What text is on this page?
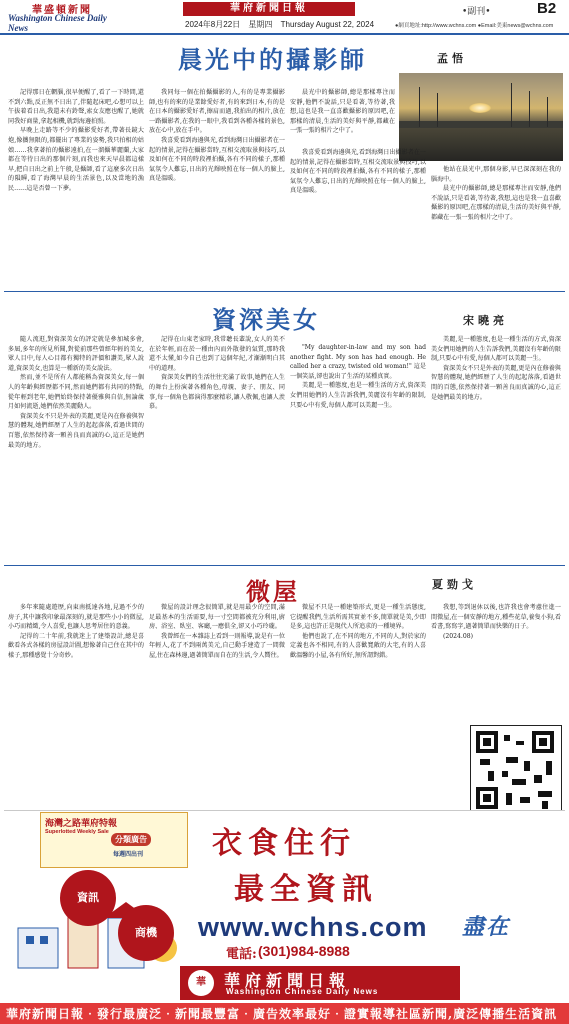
華盛頓新聞
Washington Chinese Daily News
華府新聞日報
2024年8月22日 星期四 Thursday August 22, 2024
•副刊•	B2
●網頁地址:http://www.wchns.com ●Email:美東news@wchns.com
晨光中的攝影師	孟悟

記得那日在輞腦,很早便醒了,看了一下時間,還不到六點,反正無不日出了,伴隨起床吧,心想可以上午拔着看日出,我還未有鈴聲,索女友應也醒了,她就同我好商量,拿起相機,就到海邊拍照。

早晚上走路等不少的攝影愛好者,帶著長鏡大炮,像攜無限的,都擺出了專業的姿勢,我只拍相的姑娘……我拿著拍的攝影遠拍,在一溜攝華麗蘭,大家都在等待日出的那個片刻,而我也來天早晨都這樣早,把自日出之前上午般,是攝師,看了這麼多次日出的隕瞬,看了海灣早晨的生活景色,以及當地的漁民……這是否曾一下夢。

我同每一個在拍攝攝影的人,有的是專業攝影師,也有的來的是業餘愛好者,有的來到日本,有的是在日本的攝影愛好者,擦肩而過,我拍出的相片,放在一路攝影者,在我的一眼中,我看到各種各樣的景色,放在心中,放在手中。

我喜愛看到海邊與光,看到海灣日出攝影者在一起的情景,記得在攝影當時,互相交流取景與技巧,以及如何在不同的時段裡拍攝,各有不同的樣子,那種氣氛令人難忘,日出的光輝映照在每一個人的臉上,真是溫暖。

晨光中的攝影師,總是那樣專注而安靜,他們不說話,只是看著,等待著,我想,這也是我一直喜歡攝影的原因吧,在那樣的清晨,生活的美好與平靜,都藏在一張一張的相片之中了。

我喜愛看到海邊與光,看到海灣日出攝影者在一起的情景,記得在攝影當時,互相交流取景與技巧,以及如何在不同的時段裡拍攝,各有不同的樣子,那種氣氛令人難忘,日出的光輝映照在每一個人的臉上,真是溫暖。

他站在晨光中,那個身影,早已深深刻在我的腦海中。

晨光中的攝影師,總是那樣專注而安靜,他們不說話,只是看著,等待著,我想,這也是我一直喜歡攝影的原因吧,在那樣的清晨,生活的美好與平靜,都藏在一張一張的相片之中了。

資深美女	宋曉亮

隨人流逛,對資深美女的評定就是參加城多會,多屆,多年的所見所聞,對從前那些曾經年輕的美女,眾人目中,每人心目都有獨特的評價和讚美,眾人說道,資深美女,也算是一種新的美女說法。

然而,並不是所有人都能稱為資深美女,每一個人的年齡與經歷都不同,然而她們都有共同的特點,從年輕到老年,她們始終保持著優雅與自信,無論歲月如何流逝,她們依然美麗動人。

資深美女不只是外表的美麗,更是內在修養與智慧的體現,她們經歷了人生的起起落落,看過世間的百態,依然保持著一顆善良而真誠的心,這正是她們最美的地方。

記得在山東老家時,我常聽長輩說,女人的美不在於年輕,而在於一種由內而外散發的氣質,那時我還不太懂,如今自己也到了這個年紀,才漸漸明白其中的道理。

資深美女們的生活往往充滿了故事,她們在人生的舞台上扮演著各種角色,母親、妻子、朋友、同事,每一個角色都演得那麼精彩,讓人敬佩,也讓人羨慕。

"My daughter-in-law and my son had another fight. My son has had enough. He called her a crazy, twisted old woman!" 這是一個笑話,卻也說出了生活的某種真實。

美麗,是一種態度,也是一種生活的方式,資深美女們用她們的人生告訴我們,美麗沒有年齡的限制,只要心中有愛,每個人都可以美麗一生。

美麗,是一種態度,也是一種生活的方式,資深美女們用她們的人生告訴我們,美麗沒有年齡的限制,只要心中有愛,每個人都可以美麗一生。

資深美女不只是外表的美麗,更是內在修養與智慧的體現,她們經歷了人生的起起落落,看過世間的百態,依然保持著一顆善良而真誠的心,這正是她們最美的地方。

微屋	夏勁戈

多年來隨處遊歷,向東南抵達各地,見過不少的房子,其中讓我印象最深刻的,就是那些小小的微屋,小巧而精緻,令人喜愛,也讓人思考居住的意義。

記得的二十年前,我就迷上了建築設計,總是喜歡看各式各樣的房屋設計圖,想像著自己住在其中的樣子,那種感覺十分奇妙。

微屋的設計理念很簡單,就是用最少的空間,滿足最基本的生活需要,每一寸空間都被充分利用,廚房、浴室、臥室、客廳,一應俱全,卻又小巧玲瓏。

我曾經在一本雜誌上看到一則報導,說是有一位年輕人,花了不到兩萬美元,自己動手建造了一間微屋,住在森林邊,過著簡單而自在的生活,令人嚮往。

微屋不只是一種建築形式,更是一種生活態度,它提醒我們,生活所需其實並不多,簡單就是美,少即是多,這也許正是現代人所追求的一種境界。

他們也說了,在不同的地方,不同的人,對於家的定義也各不相同,有的人喜歡寬敞的大宅,有的人喜歡溫馨的小屋,各有所好,無所謂對錯。

我想,等到退休以後,也許我也會考慮住進一間微屋,在一個安靜的地方,種些花草,養隻小狗,看看書,寫寫字,過著簡單而快樂的日子。

(2024.08)

海灣之路華府特報
Superlotted Weekly Sale
分類廣告
每週四出刊
資訊
商機
衣食住行
最全資訊
www.wchns.com 盡在
電話: (301)984-8988
華	華府新聞日報
Washington Chinese Daily News
華府新聞日報‧發行最廣泛‧新聞最豐富‧廣告效率最好‧證實報導社區新聞,廣泛傳播生活資訊
